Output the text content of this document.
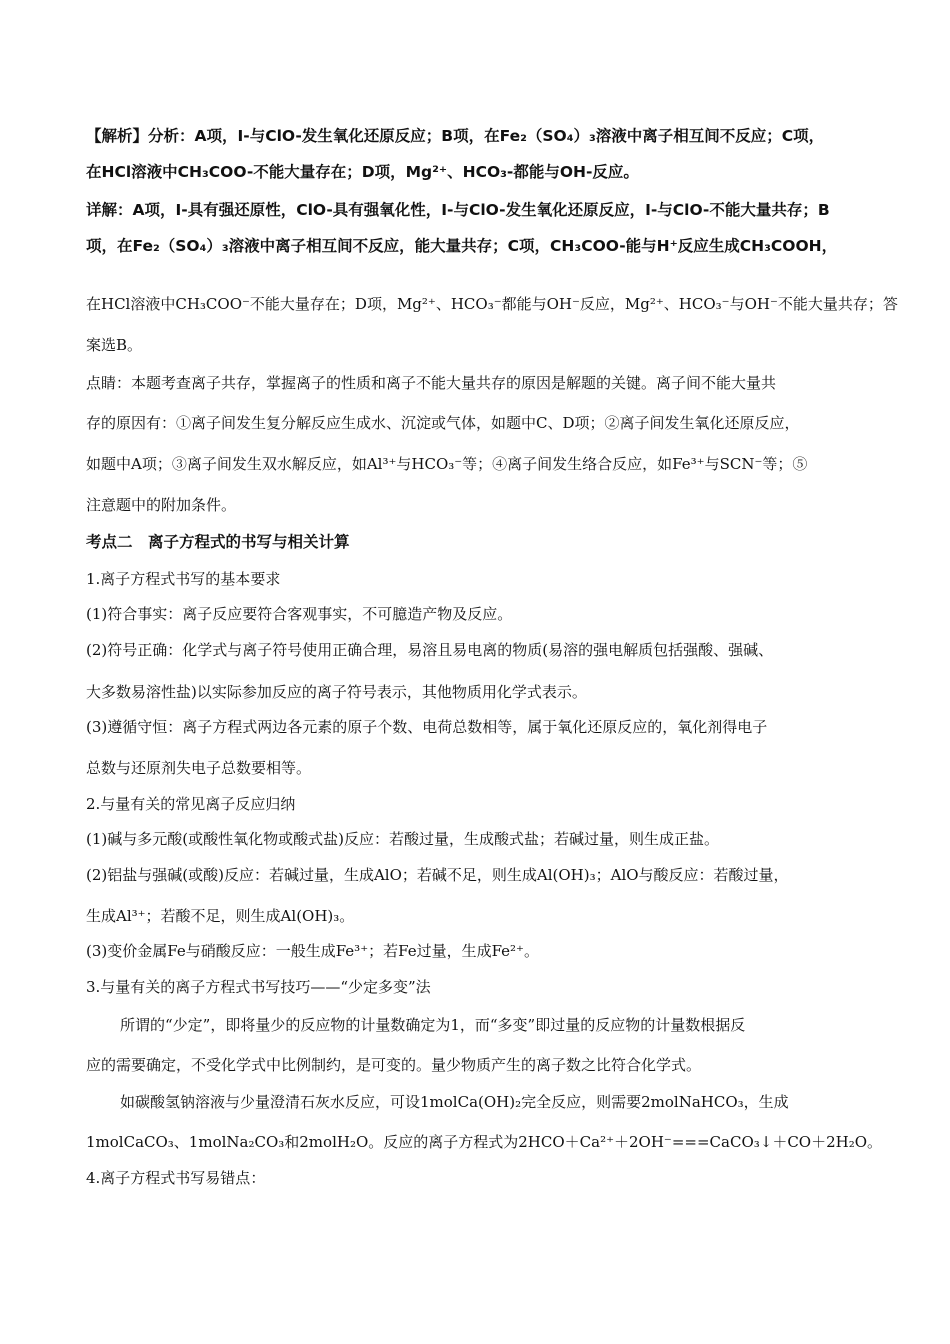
【解析】分析：A项，I-与ClO-发生氧化还原反应；B项，在Fe₂（SO₄）₃溶液中离子相互间不反应；C项，
在HCl溶液中CH₃COO-不能大量存在；D项，Mg²⁺、HCO₃-都能与OH-反应。
详解：A项，I-具有强还原性，ClO-具有强氧化性，I-与ClO-发生氧化还原反应，I-与ClO-不能大量共存；B
项，在Fe₂（SO₄）₃溶液中离子相互间不反应，能大量共存；C项，CH₃COO-能与H⁺反应生成CH₃COOH，
在HCl溶液中CH₃COO⁻不能大量存在；D项，Mg²⁺、HCO₃⁻都能与OH⁻反应，Mg²⁺、HCO₃⁻与OH⁻不能大量共存；答
案选B。
点睛：本题考查离子共存，掌握离子的性质和离子不能大量共存的原因是解题的关键。离子间不能大量共
存的原因有：①离子间发生复分解反应生成水、沉淀或气体，如题中C、D项；②离子间发生氧化还原反应，
如题中A项；③离子间发生双水解反应，如Al³⁺与HCO₃⁻等；④离子间发生络合反应，如Fe³⁺与SCN⁻等；⑤
注意题中的附加条件。
考点二　离子方程式的书写与相关计算
1.离子方程式书写的基本要求
(1)符合事实：离子反应要符合客观事实，不可臆造产物及反应。
(2)符号正确：化学式与离子符号使用正确合理，易溶且易电离的物质(易溶的强电解质包括强酸、强碱、
大多数易溶性盐)以实际参加反应的离子符号表示，其他物质用化学式表示。
(3)遵循守恒：离子方程式两边各元素的原子个数、电荷总数相等，属于氧化还原反应的，氧化剂得电子
总数与还原剂失电子总数要相等。
2.与量有关的常见离子反应归纳
(1)碱与多元酸(或酸性氧化物或酸式盐)反应：若酸过量，生成酸式盐；若碱过量，则生成正盐。
(2)铝盐与强碱(或酸)反应：若碱过量，生成AlO；若碱不足，则生成Al(OH)₃；AlO与酸反应：若酸过量，
生成Al³⁺；若酸不足，则生成Al(OH)₃。
(3)变价金属Fe与硝酸反应：一般生成Fe³⁺；若Fe过量，生成Fe²⁺。
3.与量有关的离子方程式书写技巧——“少定多变”法
所谓的“少定”，即将量少的反应物的计量数确定为1，而“多变”即过量的反应物的计量数根据反
应的需要确定，不受化学式中比例制约，是可变的。量少物质产生的离子数之比符合化学式。
如碳酸氢钠溶液与少量澄清石灰水反应，可设1molCa(OH)₂完全反应，则需要2molNaHCO₃，生成
1molCaCO₃、1molNa₂CO₃和2molH₂O。反应的离子方程式为2HCO＋Ca²⁺＋2OH⁻===CaCO₃↓＋CO＋2H₂O。
4.离子方程式书写易错点：
